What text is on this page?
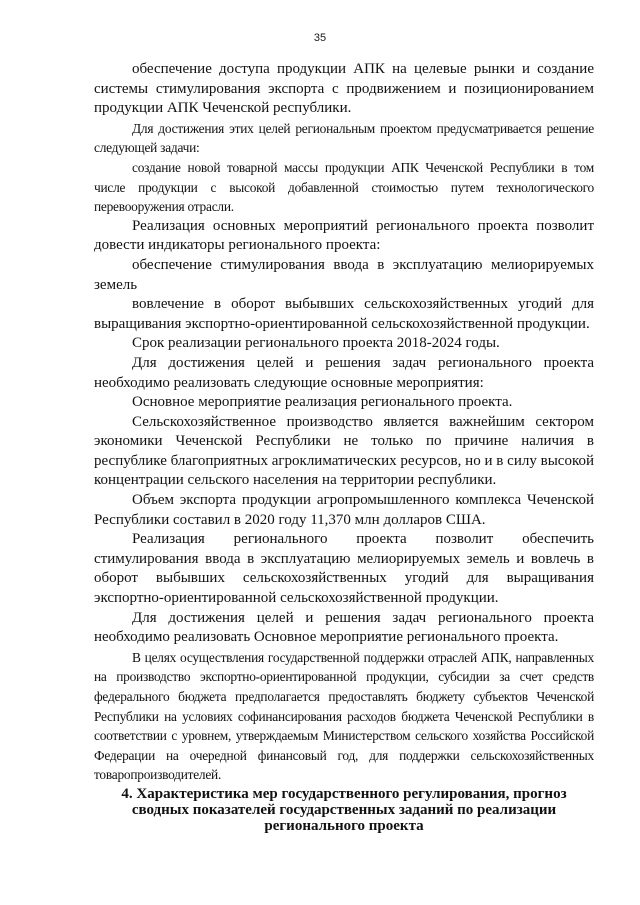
35

обеспечение доступа продукции АПК на целевые рынки и создание системы стимулирования экспорта с продвижением и позиционированием продукции АПК Чеченской республики.

Для достижения этих целей региональным проектом предусматривается решение следующей задачи:

создание новой товарной массы продукции АПК Чеченской Республики в том числе продукции с высокой добавленной стоимостью путем технологического перевооружения отрасли.

Реализация основных мероприятий регионального проекта позволит довести индикаторы регионального проекта:

обеспечение стимулирования ввода в эксплуатацию мелиорируемых земель

вовлечение в оборот выбывших сельскохозяйственных угодий для выращивания экспортно-ориентированной сельскохозяйственной продукции.

Срок реализации регионального проекта 2018-2024 годы.

Для достижения целей и решения задач регионального проекта необходимо реализовать следующие основные мероприятия:

Основное мероприятие реализация регионального проекта.

Сельскохозяйственное производство является важнейшим сектором экономики Чеченской Республики не только по причине наличия в республике благоприятных агроклиматических ресурсов, но и в силу высокой концентрации сельского населения на территории республики.

Объем экспорта продукции агропромышленного комплекса Чеченской Республики составил в 2020 году 11,370 млн долларов США.

Реализация регионального проекта позволит обеспечить стимулирования ввода в эксплуатацию мелиорируемых земель и вовлечь в оборот выбывших сельскохозяйственных угодий для выращивания экспортно-ориентированной сельскохозяйственной продукции.

Для достижения целей и решения задач регионального проекта необходимо реализовать Основное мероприятие регионального проекта.

В целях осуществления государственной поддержки отраслей АПК, направленных на производство экспортно-ориентированной продукции, субсидии за счет средств федерального бюджета предполагается предоставлять бюджету субъектов Чеченской Республики на условиях софинансирования расходов бюджета Чеченской Республики в соответствии с уровнем, утверждаемым Министерством сельского хозяйства Российской Федерации на очередной финансовый год, для поддержки сельскохозяйственных товаропроизводителей.

4. Характеристика мер государственного регулирования, прогноз
сводных показателей государственных заданий по реализации
регионального проекта
